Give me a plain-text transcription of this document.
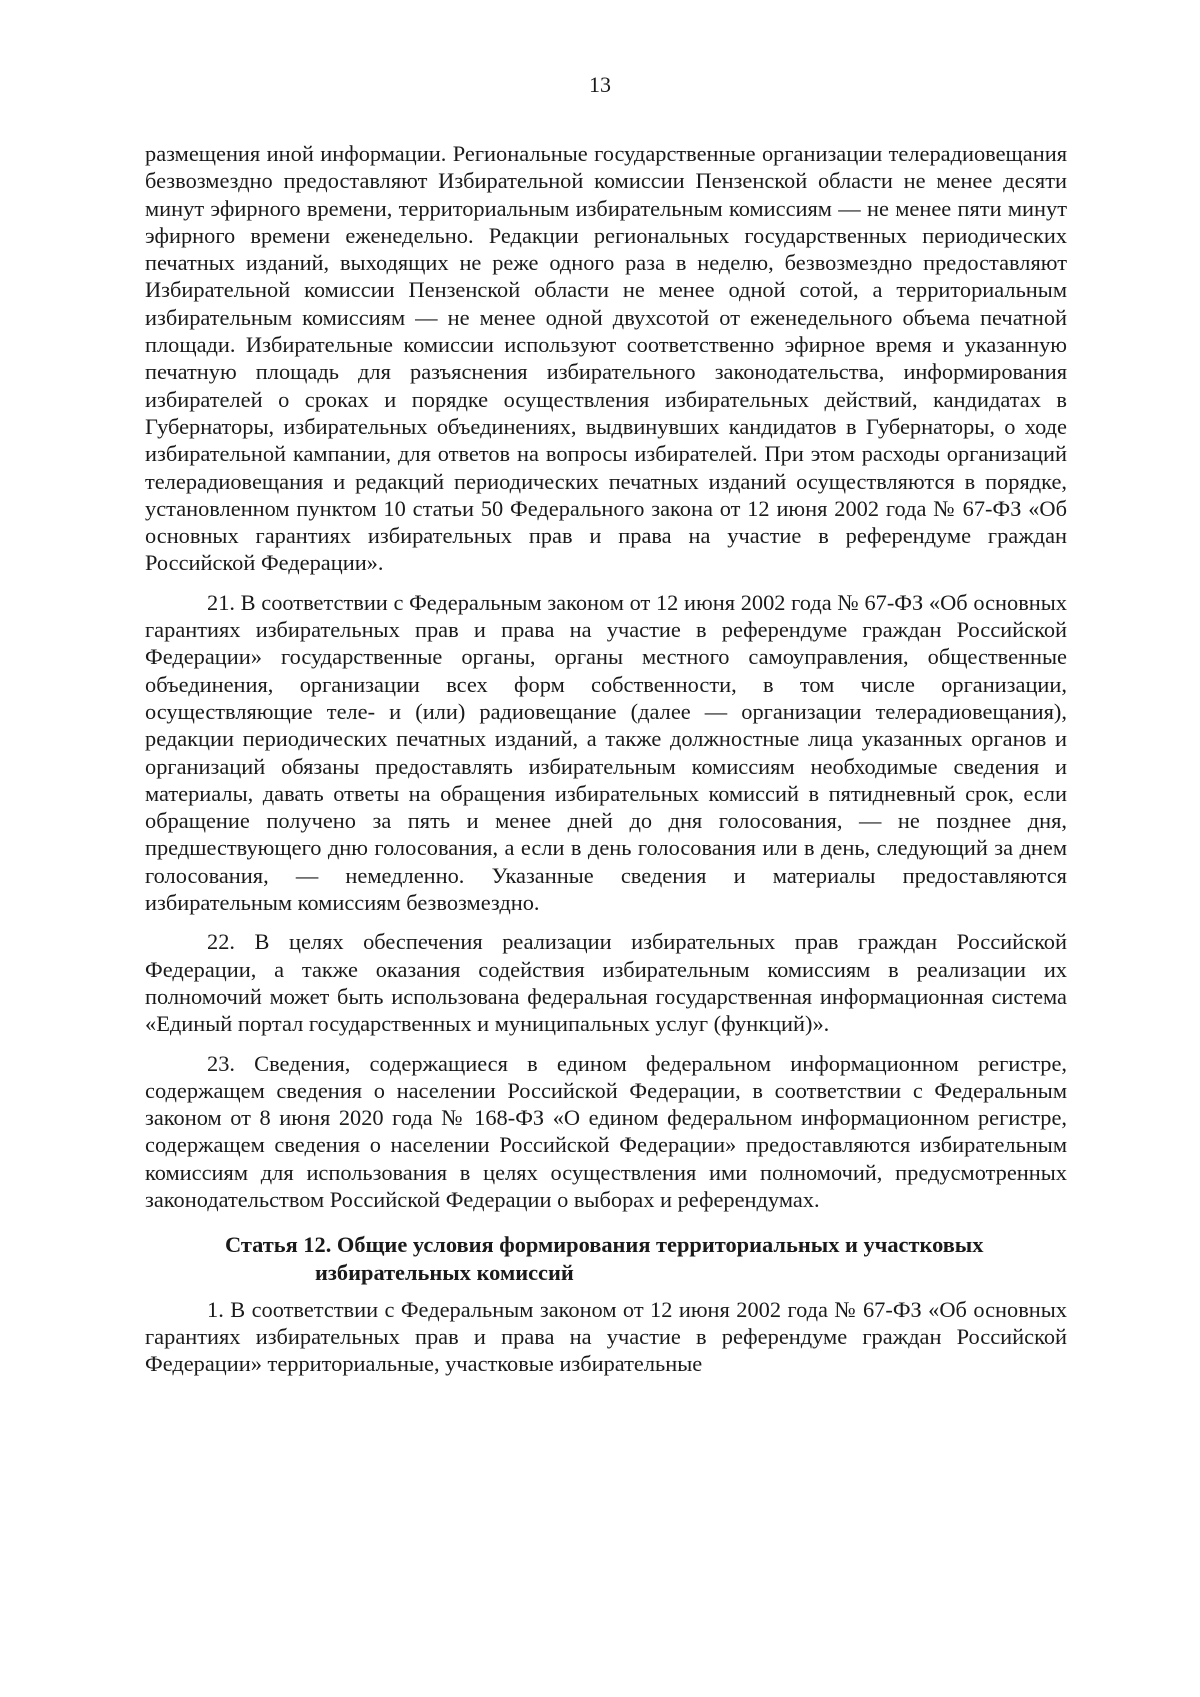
13

размещения иной информации. Региональные государственные организации телерадиовещания безвозмездно предоставляют Избирательной комиссии Пензенской области не менее десяти минут эфирного времени, территориальным избирательным комиссиям — не менее пяти минут эфирного времени еженедельно. Редакции региональных государственных периодических печатных изданий, выходящих не реже одного раза в неделю, безвозмездно предоставляют Избирательной комиссии Пензенской области не менее одной сотой, а территориальным избирательным комиссиям — не менее одной двухсотой от еженедельного объема печатной площади. Избирательные комиссии используют соответственно эфирное время и указанную печатную площадь для разъяснения избирательного законодательства, информирования избирателей о сроках и порядке осуществления избирательных действий, кандидатах в Губернаторы, избирательных объединениях, выдвинувших кандидатов в Губернаторы, о ходе избирательной кампании, для ответов на вопросы избирателей. При этом расходы организаций телерадиовещания и редакций периодических печатных изданий осуществляются в порядке, установленном пунктом 10 статьи 50 Федерального закона от 12 июня 2002 года № 67-ФЗ «Об основных гарантиях избирательных прав и права на участие в референдуме граждан Российской Федерации».

21. В соответствии с Федеральным законом от 12 июня 2002 года № 67-ФЗ «Об основных гарантиях избирательных прав и права на участие в референдуме граждан Российской Федерации» государственные органы, органы местного самоуправления, общественные объединения, организации всех форм собственности, в том числе организации, осуществляющие теле- и (или) радиовещание (далее — организации телерадиовещания), редакции периодических печатных изданий, а также должностные лица указанных органов и организаций обязаны предоставлять избирательным комиссиям необходимые сведения и материалы, давать ответы на обращения избирательных комиссий в пятидневный срок, если обращение получено за пять и менее дней до дня голосования, — не позднее дня, предшествующего дню голосования, а если в день голосования или в день, следующий за днем голосования, — немедленно. Указанные сведения и материалы предоставляются избирательным комиссиям безвозмездно.

22. В целях обеспечения реализации избирательных прав граждан Российской Федерации, а также оказания содействия избирательным комиссиям в реализации их полномочий может быть использована федеральная государственная информационная система «Единый портал государственных и муниципальных услуг (функций)».

23. Сведения, содержащиеся в едином федеральном информационном регистре, содержащем сведения о населении Российской Федерации, в соответствии с Федеральным законом от 8 июня 2020 года № 168-ФЗ «О едином федеральном информационном регистре, содержащем сведения о населении Российской Федерации» предоставляются избирательным комиссиям для использования в целях осуществления ими полномочий, предусмотренных законодательством Российской Федерации о выборах и референдумах.

Статья 12. Общие условия формирования территориальных и участковых
избирательных комиссий

1. В соответствии с Федеральным законом от 12 июня 2002 года № 67-ФЗ «Об основных гарантиях избирательных прав и права на участие в референдуме граждан Российской Федерации» территориальные, участковые избирательные
